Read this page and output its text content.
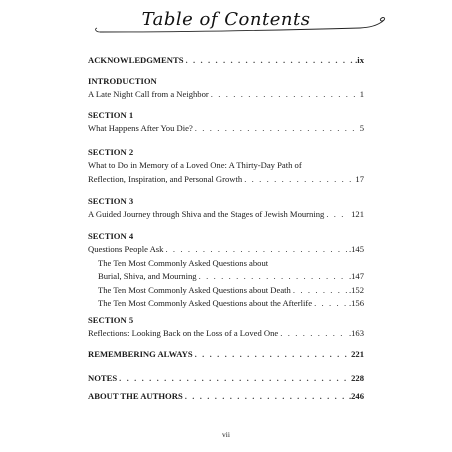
Table of Contents
ACKNOWLEDGMENTS . . .	.ix
INTRODUCTION
A Late Night Call from a Neighbor . . .	1
SECTION 1
What Happens After You Die? . . .	5
SECTION 2
What to Do in Memory of a Loved One: A Thirty-Day Path of
Reflection, Inspiration, and Personal Growth . . .	17
SECTION 3
A Guided Journey through Shiva and the Stages of Jewish Mourning . . .	121
SECTION 4
Questions People Ask . . .	.145
The Ten Most Commonly Asked Questions about
Burial, Shiva, and Mourning . . .	.147
The Ten Most Commonly Asked Questions about Death . . .	.152
The Ten Most Commonly Asked Questions about the Afterlife . . .	.156
SECTION 5
Reflections: Looking Back on the Loss of a Loved One . . .	.163
REMEMBERING ALWAYS . . .	221
NOTES . . .	228
ABOUT THE AUTHORS . . .	.246
vii
